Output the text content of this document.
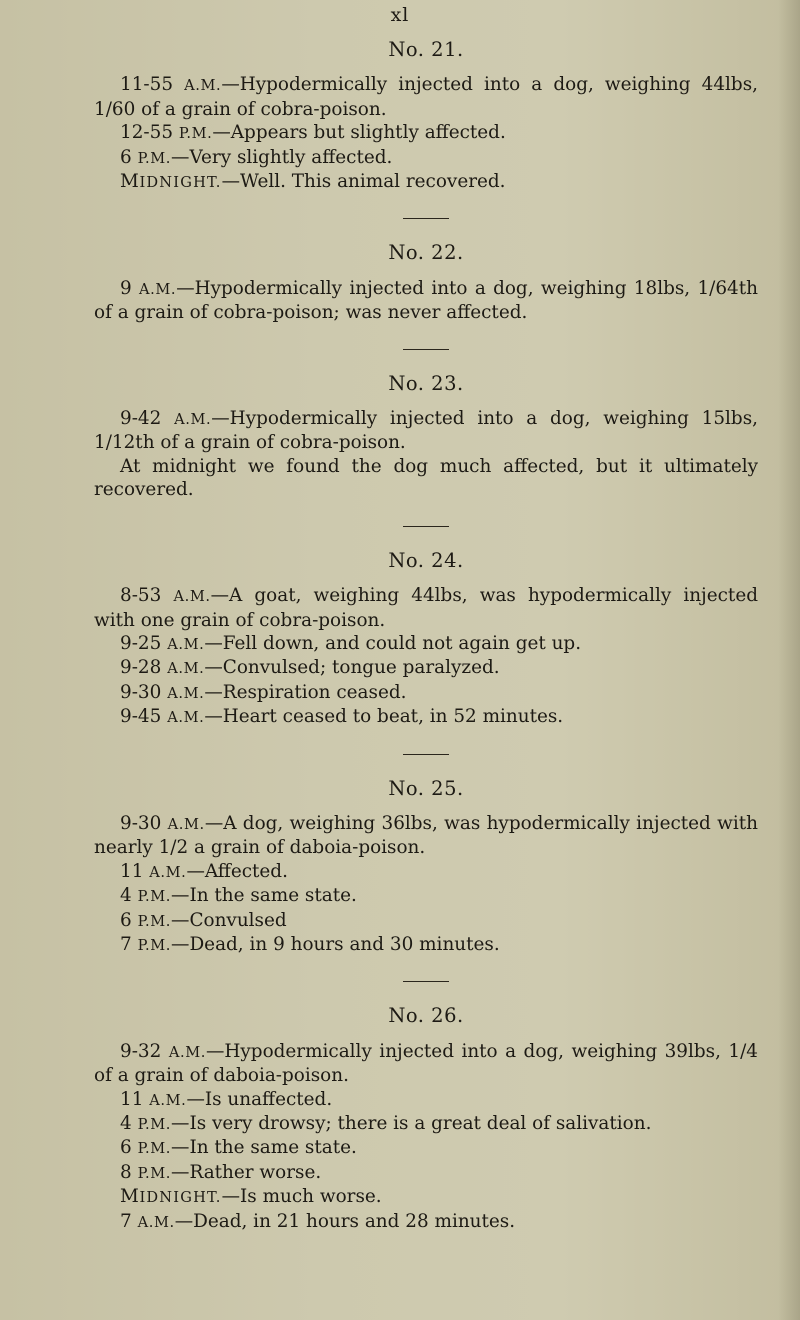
xl
No. 21.

11-55 A.M.—Hypodermically injected into a dog, weighing 44lbs, 1/60 of a grain of cobra-poison.

12-55 P.M.—Appears but slightly affected.

6 P.M.—Very slightly affected.

MIDNIGHT.—Well. This animal recovered.

No. 22.

9 A.M.—Hypodermically injected into a dog, weighing 18lbs, 1/64th of a grain of cobra-poison; was never affected.

No. 23.

9-42 A.M.—Hypodermically injected into a dog, weighing 15lbs, 1/12th of a grain of cobra-poison.

At midnight we found the dog much affected, but it ultimately recovered.

No. 24.

8-53 A.M.—A goat, weighing 44lbs, was hypodermically injected with one grain of cobra-poison.

9-25 A.M.—Fell down, and could not again get up.

9-28 A.M.—Convulsed; tongue paralyzed.

9-30 A.M.—Respiration ceased.

9-45 A.M.—Heart ceased to beat, in 52 minutes.

No. 25.

9-30 A.M.—A dog, weighing 36lbs, was hypodermically injected with nearly 1/2 a grain of daboia-poison.

11 A.M.—Affected.

4 P.M.—In the same state.

6 P.M.—Convulsed

7 P.M.—Dead, in 9 hours and 30 minutes.

No. 26.

9-32 A.M.—Hypodermically injected into a dog, weighing 39lbs, 1/4 of a grain of daboia-poison.

11 A.M.—Is unaffected.

4 P.M.—Is very drowsy; there is a great deal of salivation.

6 P.M.—In the same state.

8 P.M.—Rather worse.

MIDNIGHT.—Is much worse.

7 A.M.—Dead, in 21 hours and 28 minutes.
